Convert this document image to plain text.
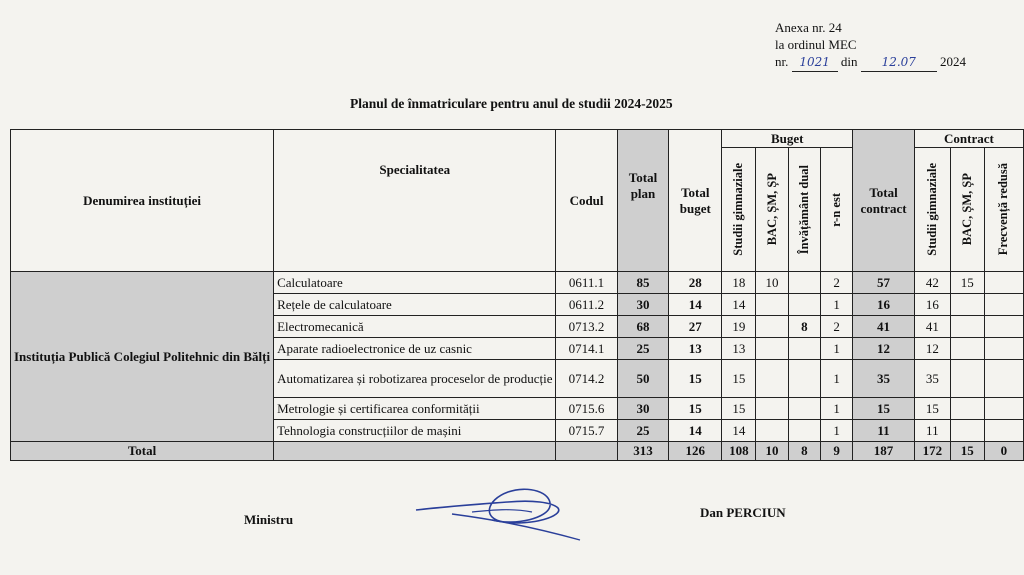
Anexa nr. 24
la ordinul MEC
nr. 1021 din 12.07 2024
Planul de înmatriculare pentru anul de studii 2024-2025
Denumirea instituției	Specialitatea	Codul	Total plan	Total buget	Buget				Total contract	Contract		

					Studii gimnaziale	BAC, ȘM, ȘP	Învățământ dual	r-n est		Studii gimnaziale	BAC, ȘM, ȘP	Frecvență redusă

Instituția Publică Colegiul Politehnic din Bălți	Calculatoare	0611.1	85	28	18	10		2	57	42	15	
	Rețele de calculatoare	0611.2	30	14	14			1	16	16		
	Electromecanică	0713.2	68	27	19		8	2	41	41		
	Aparate radioelectronice de uz casnic	0714.1	25	13	13			1	12	12		
	Automatizarea și robotizarea proceselor de producție	0714.2	50	15	15			1	35	35		
	Metrologie și certificarea conformității	0715.6	30	15	15			1	15	15		
	Tehnologia construcțiilor de mașini	0715.7	25	14	14			1	11	11		
Total			313	126	108	10	8	9	187	172	15	0
Ministru	Dan PERCIUN
